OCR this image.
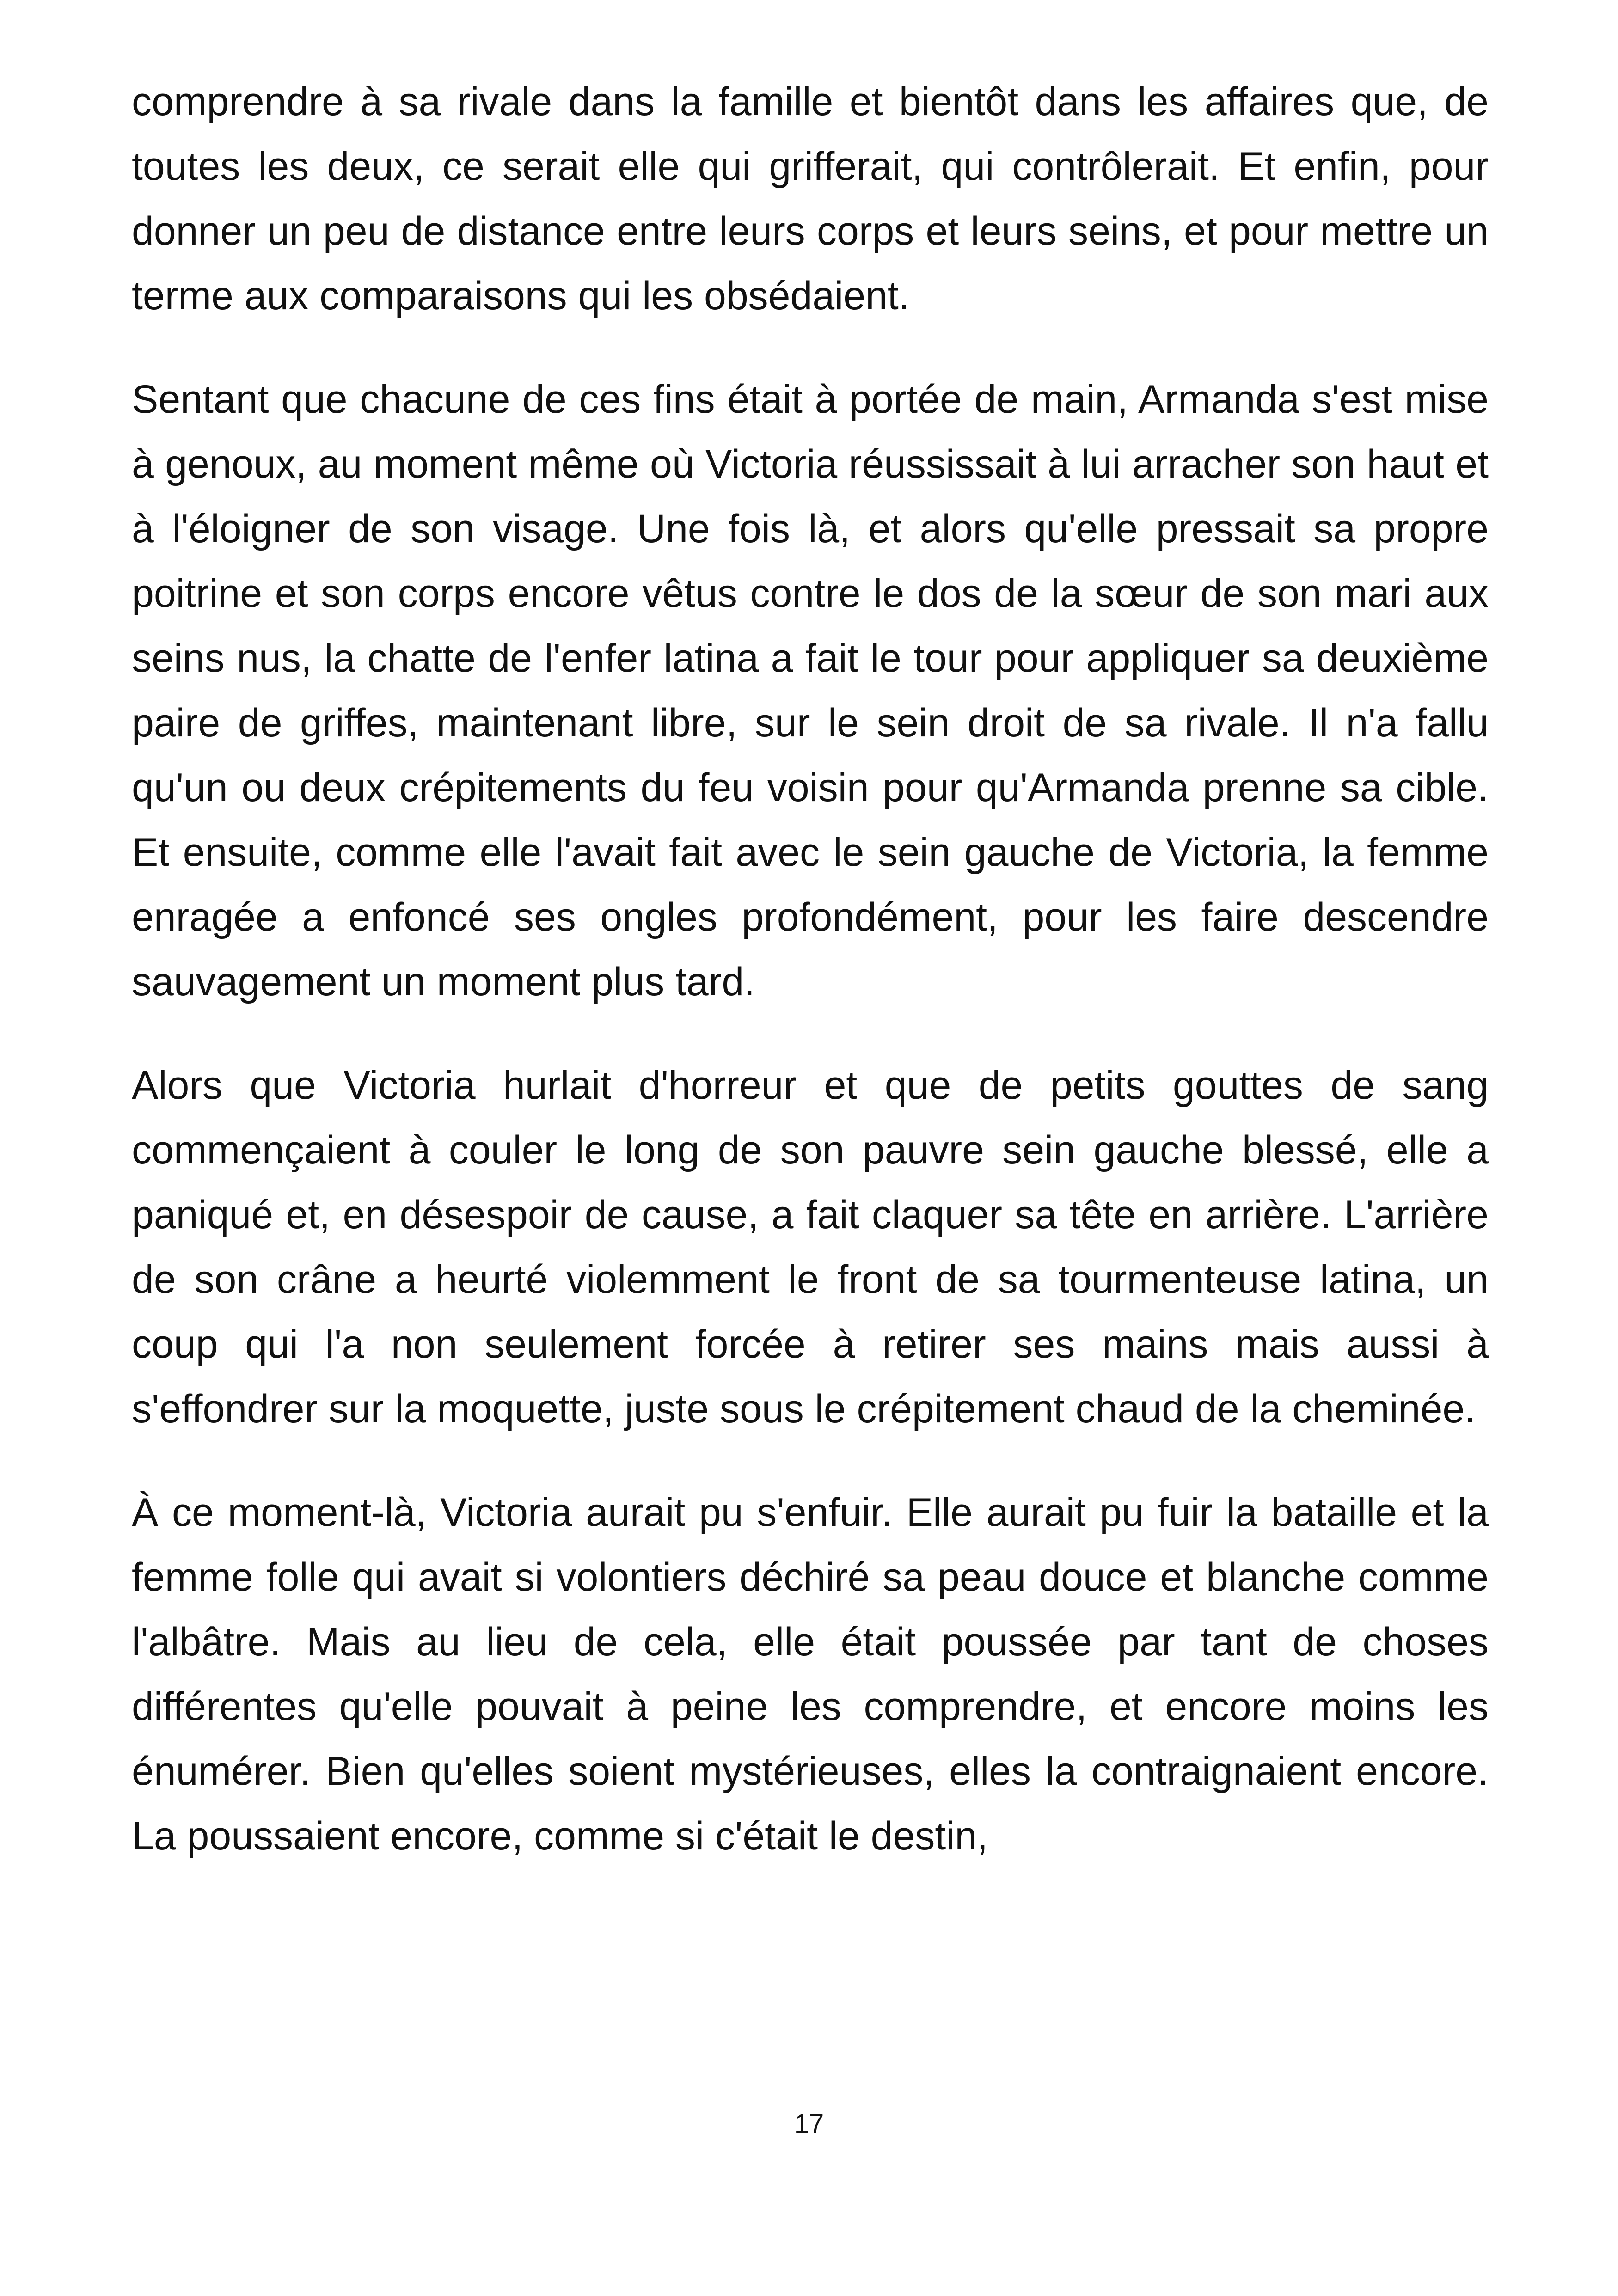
comprendre à sa rivale dans la famille et bientôt dans les affaires que, de toutes les deux, ce serait elle qui grifferait, qui contrôlerait. Et enfin, pour donner un peu de distance entre leurs corps et leurs seins, et pour mettre un terme aux comparaisons qui les obsédaient.

Sentant que chacune de ces fins était à portée de main, Armanda s'est mise à genoux, au moment même où Victoria réussissait à lui arracher son haut et à l'éloigner de son visage. Une fois là, et alors qu'elle pressait sa propre poitrine et son corps encore vêtus contre le dos de la sœur de son mari aux seins nus, la chatte de l'enfer latina a fait le tour pour appliquer sa deuxième paire de griffes, maintenant libre, sur le sein droit de sa rivale. Il n'a fallu qu'un ou deux crépitements du feu voisin pour qu'Armanda prenne sa cible. Et ensuite, comme elle l'avait fait avec le sein gauche de Victoria, la femme enragée a enfoncé ses ongles profondément, pour les faire descendre sauvagement un moment plus tard.

Alors que Victoria hurlait d'horreur et que de petits gouttes de sang commençaient à couler le long de son pauvre sein gauche blessé, elle a paniqué et, en désespoir de cause, a fait claquer sa tête en arrière. L'arrière de son crâne a heurté violemment le front de sa tourmenteuse latina, un coup qui l'a non seulement forcée à retirer ses mains mais aussi à s'effondrer sur la moquette, juste sous le crépitement chaud de la cheminée.

À ce moment-là, Victoria aurait pu s'enfuir. Elle aurait pu fuir la bataille et la femme folle qui avait si volontiers déchiré sa peau douce et blanche comme l'albâtre. Mais au lieu de cela, elle était poussée par tant de choses différentes qu'elle pouvait à peine les comprendre, et encore moins les énumérer. Bien qu'elles soient mystérieuses, elles la contraignaient encore. La poussaient encore, comme si c'était le destin,

17
